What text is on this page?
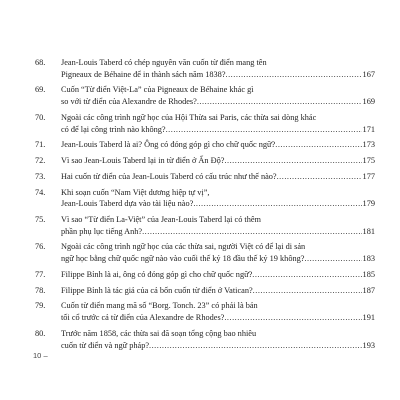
68.	Jean-Louis Taberd có chép nguyên văn cuốn từ điển mang tên
Pigneaux de Béhaine để in thành sách năm 1838? .....	167
69.	Cuốn “Từ điển Việt-La” của Pigneaux de Béhaine khác gì
so với từ điển của Alexandre de Rhodes? .....	169
70.	Ngoài các công trình ngữ học của Hội Thừa sai Paris, các thừa sai dòng khác
có để lại công trình nào không? .....	171
71.	Jean-Louis Taberd là ai? Ông có đóng góp gì cho chữ quốc ngữ? .....	173
72.	Vì sao Jean-Louis Taberd lại in từ điển ở Ấn Độ? .....	175
73.	Hai cuốn từ điển của Jean-Louis Taberd có cấu trúc như thế nào? .....	177
74.	Khi soạn cuốn “Nam Việt dương hiệp tự vị”,
Jean-Louis Taberd dựa vào tài liệu nào? .....	179
75.	Vì sao “Từ điển La-Việt” của Jean-Louis Taberd lại có thêm
phần phụ lục tiếng Anh? .....	181
76.	Ngoài các công trình ngữ học của các thừa sai, người Việt có để lại di sản
ngữ học bằng chữ quốc ngữ nào vào cuối thế kỷ 18 đầu thế kỷ 19 không? .....	183
77.	Filippe Bỉnh là ai, ông có đóng góp gì cho chữ quốc ngữ? .....	185
78.	Filippe Bỉnh là tác giả của cả bốn cuốn từ điển ở Vatican? .....	187
79.	Cuốn từ điển mang mã số “Borg. Tonch. 23” có phải là bản
tối cổ trước cả từ điển của Alexandre de Rhodes? .....	191
80.	Trước năm 1858, các thừa sai đã soạn tổng cộng bao nhiêu
cuốn từ điển và ngữ pháp? .....	193
10 –
